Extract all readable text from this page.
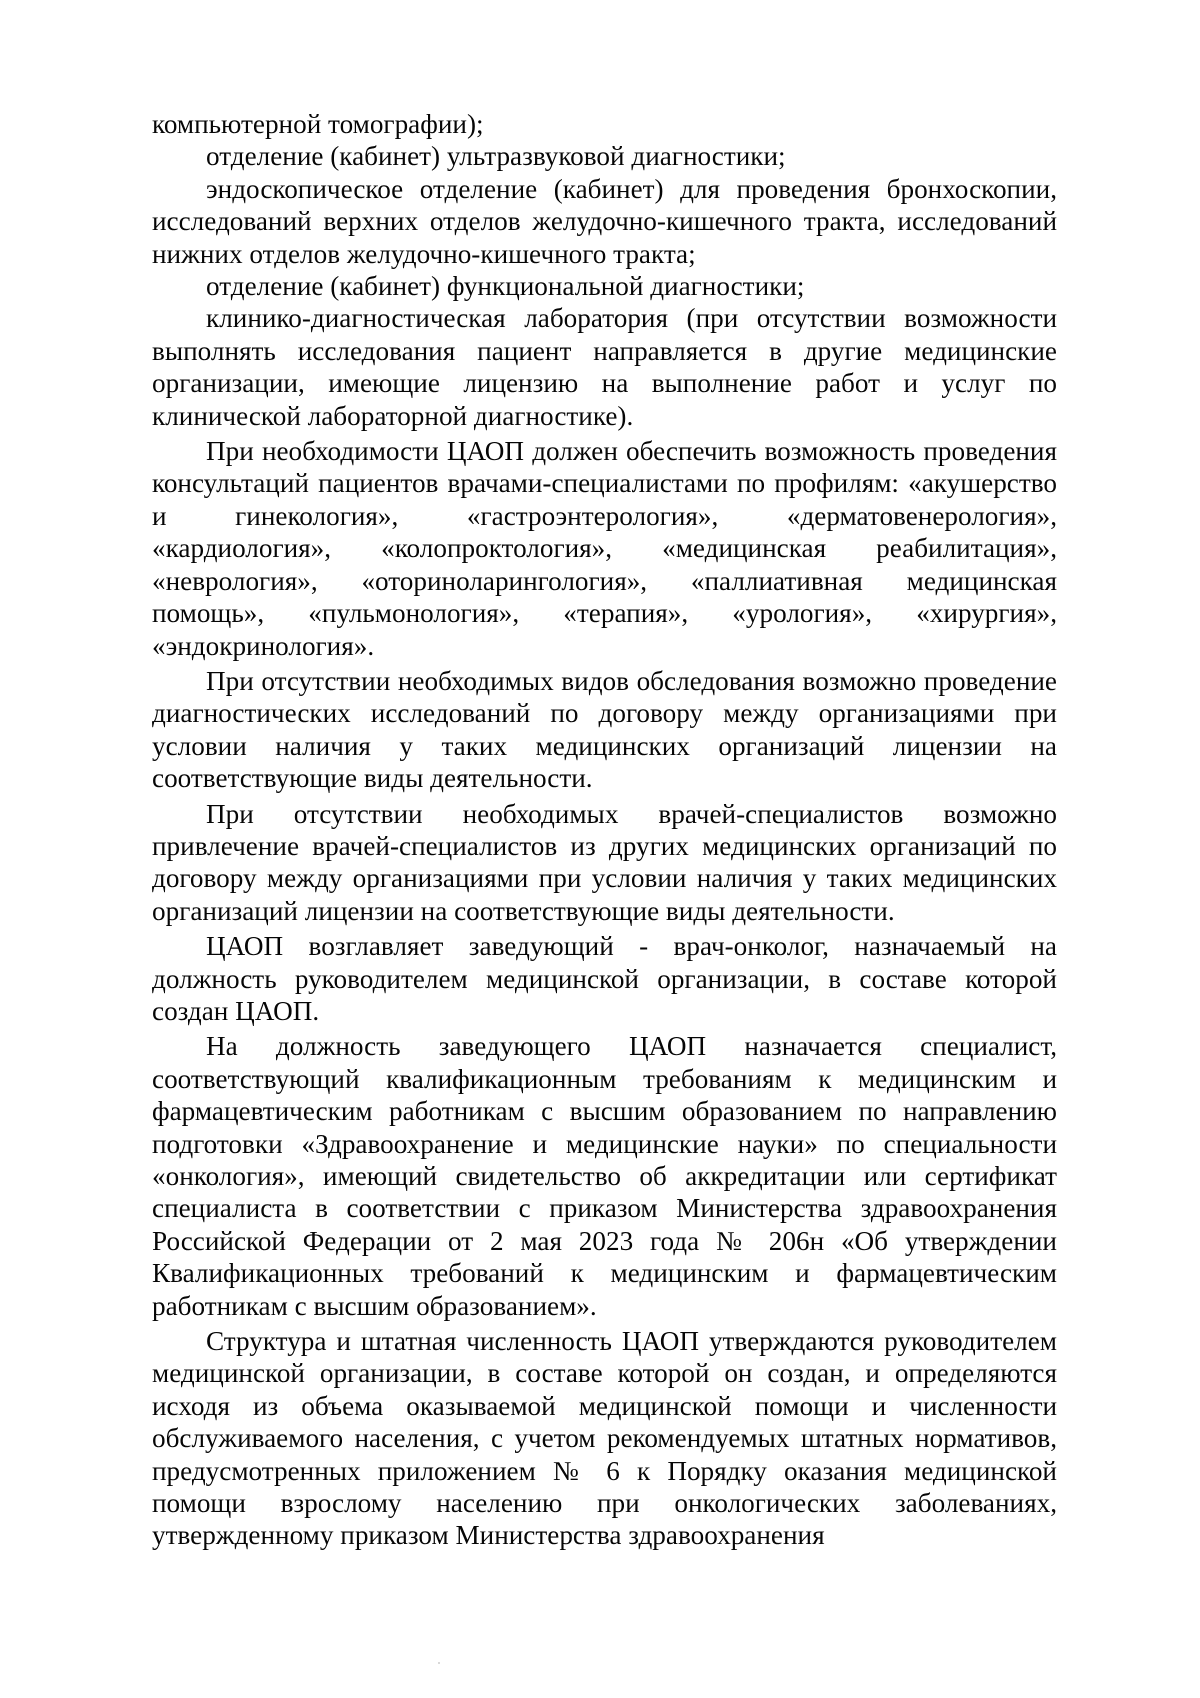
компьютерной томографии);

отделение (кабинет) ультразвуковой диагностики;

эндоскопическое отделение (кабинет) для проведения бронхоскопии, исследований верхних отделов желудочно-кишечного тракта, исследований нижних отделов желудочно-кишечного тракта;

отделение (кабинет) функциональной диагностики;

клинико-диагностическая лаборатория (при отсутствии возможности выполнять исследования пациент направляется в другие медицинские организации, имеющие лицензию на выполнение работ и услуг по клинической лабораторной диагностике).

При необходимости ЦАОП должен обеспечить возможность проведения консультаций пациентов врачами-специалистами по профилям: «акушерство и гинекология», «гастроэнтерология», «дерматовенерология», «кардиология», «колопроктология», «медицинская реабилитация», «неврология», «оториноларингология», «паллиативная медицинская помощь», «пульмонология», «терапия», «урология», «хирургия», «эндокринология».

При отсутствии необходимых видов обследования возможно проведение диагностических исследований по договору между организациями при условии наличия у таких медицинских организаций лицензии на соответствующие виды деятельности.

При отсутствии необходимых врачей-специалистов возможно привлечение врачей-специалистов из других медицинских организаций по договору между организациями при условии наличия у таких медицинских организаций лицензии на соответствующие виды деятельности.

ЦАОП возглавляет заведующий - врач-онколог, назначаемый на должность руководителем медицинской организации, в составе которой создан ЦАОП.

На должность заведующего ЦАОП назначается специалист, соответствующий квалификационным требованиям к медицинским и фармацевтическим работникам с высшим образованием по направлению подготовки «Здравоохранение и медицинские науки» по специальности «онкология», имеющий свидетельство об аккредитации или сертификат специалиста в соответствии с приказом Министерства здравоохранения Российской Федерации от 2 мая 2023 года № 206н «Об утверждении Квалификационных требований к медицинским и фармацевтическим работникам с высшим образованием».

Структура и штатная численность ЦАОП утверждаются руководителем медицинской организации, в составе которой он создан, и определяются исходя из объема оказываемой медицинской помощи и численности обслуживаемого населения, с учетом рекомендуемых штатных нормативов, предусмотренных приложением № 6 к Порядку оказания медицинской помощи взрослому населению при онкологических заболеваниях, утвержденному приказом Министерства здравоохранения
